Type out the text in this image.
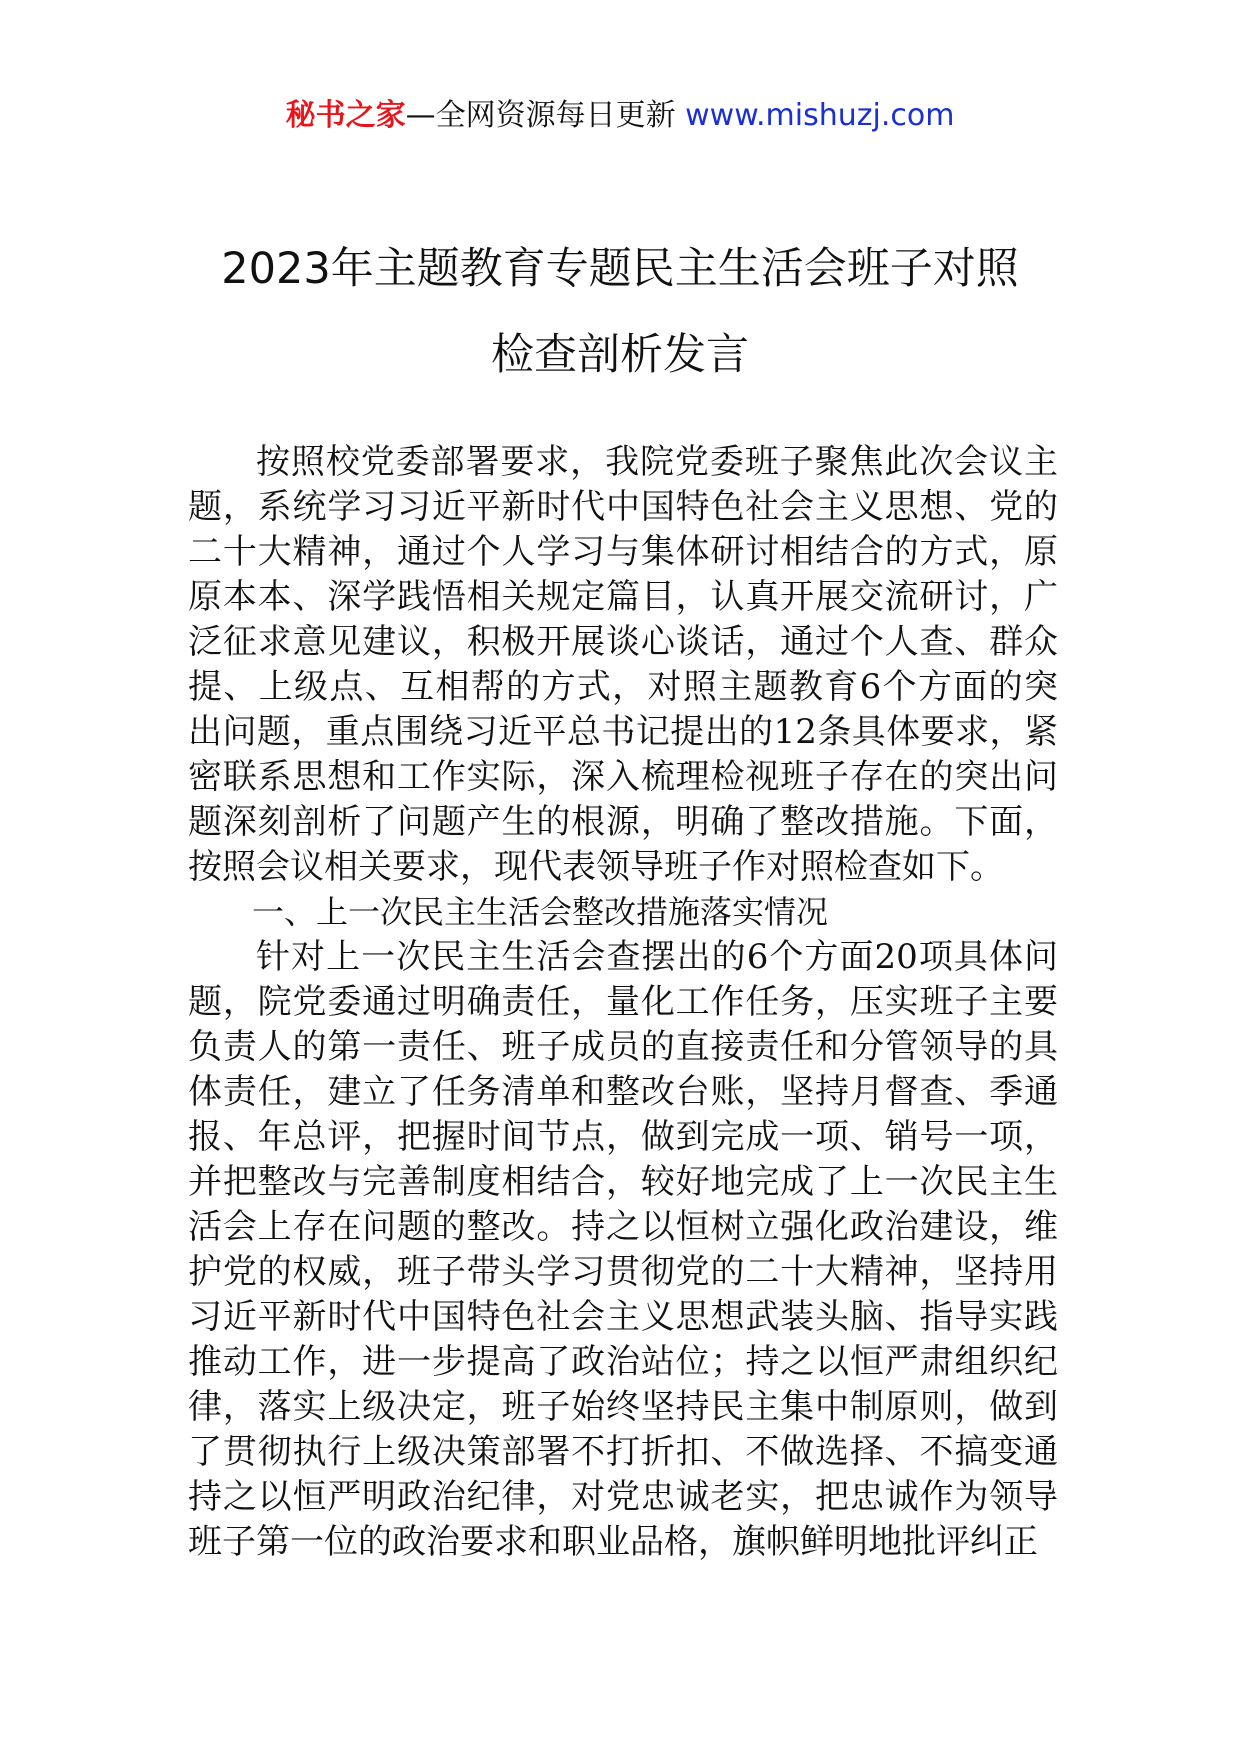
秘书之家—全网资源每日更新 www.mishuzj.com
2023年主题教育专题民主生活会班子对照
检查剖析发言

按照校党委部署要求，我院党委班子聚焦此次会议主题，系统学习习近平新时代中国特色社会主义思想、党的二十大精神，通过个人学习与集体研讨相结合的方式，原原本本、深学践悟相关规定篇目，认真开展交流研讨，广泛征求意见建议，积极开展谈心谈话，通过个人查、群众提、上级点、互相帮的方式，对照主题教育6个方面的突出问题，重点围绕习近平总书记提出的12条具体要求，紧密联系思想和工作实际，深入梳理检视班子存在的突出问题深刻剖析了问题产生的根源，明确了整改措施。下面，按照会议相关要求，现代表领导班子作对照检查如下。

一、上一次民主生活会整改措施落实情况

针对上一次民主生活会查摆出的6个方面20项具体问题，院党委通过明确责任，量化工作任务，压实班子主要负责人的第一责任、班子成员的直接责任和分管领导的具体责任，建立了任务清单和整改台账，坚持月督查、季通报、年总评，把握时间节点，做到完成一项、销号一项，并把整改与完善制度相结合，较好地完成了上一次民主生活会上存在问题的整改。持之以恒树立强化政治建设，维护党的权威，班子带头学习贯彻党的二十大精神，坚持用习近平新时代中国特色社会主义思想武装头脑、指导实践推动工作，进一步提高了政治站位；持之以恒严肃组织纪律，落实上级决定，班子始终坚持民主集中制原则，做到了贯彻执行上级决策部署不打折扣、不做选择、不搞变通持之以恒严明政治纪律，对党忠诚老实，把忠诚作为领导班子第一位的政治要求和职业品格，旗帜鲜明地批评纠正
